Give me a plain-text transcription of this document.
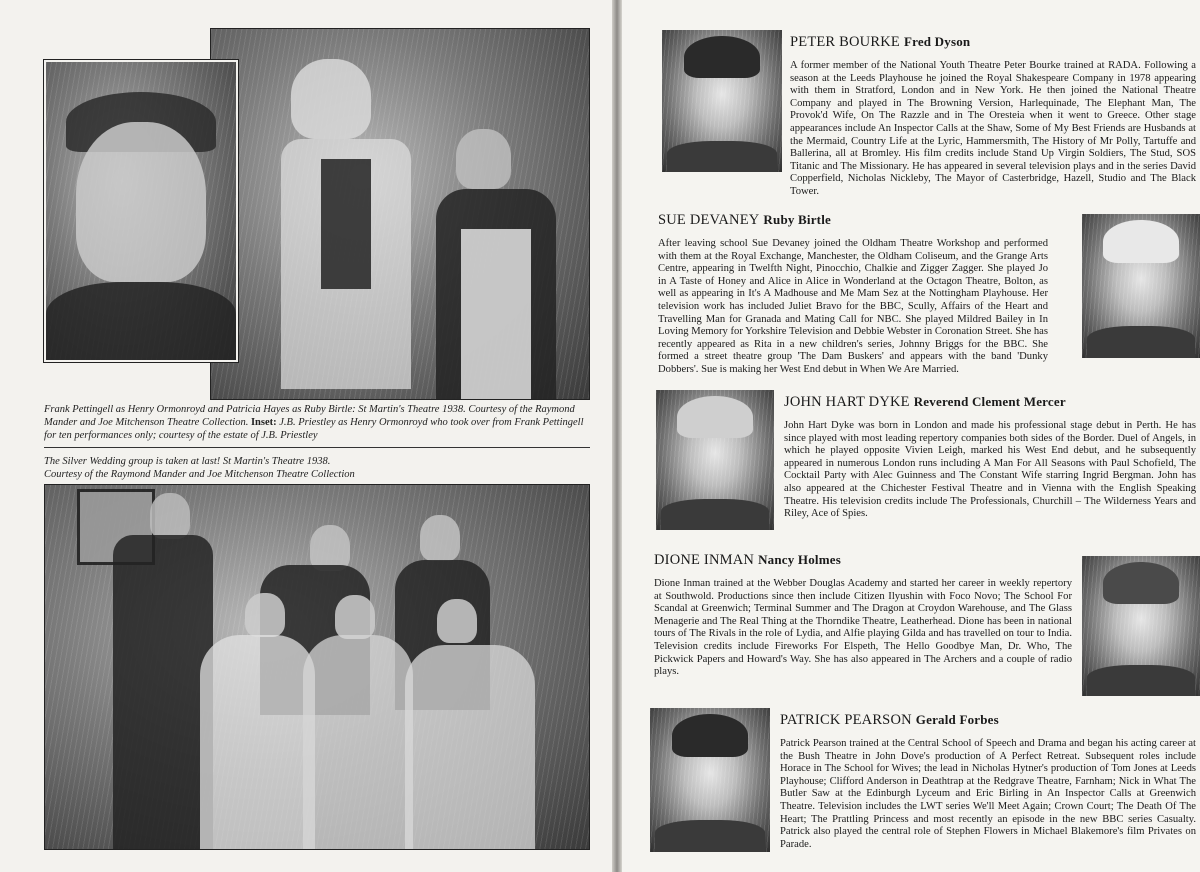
Frank Pettingell as Henry Ormonroyd and Patricia Hayes as Ruby Birtle: St Martin's Theatre 1938. Courtesy of the Raymond Mander and Joe Mitchenson Theatre Collection. Inset: J.B. Priestley as Henry Ormonroyd who took over from Frank Pettingell for ten performances only; courtesy of the estate of J.B. Priestley
The Silver Wedding group is taken at last! St Martin's Theatre 1938.
Courtesy of the Raymond Mander and Joe Mitchenson Theatre Collection
PETER BOURKE Fred Dyson
A former member of the National Youth Theatre Peter Bourke trained at RADA. Following a season at the Leeds Playhouse he joined the Royal Shakespeare Company in 1978 appearing with them in Stratford, London and in New York. He then joined the National Theatre Company and played in The Browning Version, Harlequinade, The Elephant Man, The Provok'd Wife, On The Razzle and in The Oresteia when it went to Greece. Other stage appearances include An Inspector Calls at the Shaw, Some of My Best Friends are Husbands at the Mermaid, Country Life at the Lyric, Hammersmith, The History of Mr Polly, Tartuffe and Ballerina, all at Bromley. His film credits include Stand Up Virgin Soldiers, The Stud, SOS Titanic and The Missionary. He has appeared in several television plays and in the series David Copperfield, Nicholas Nickleby, The Mayor of Casterbridge, Hazell, Studio and The Black Tower.
SUE DEVANEY Ruby Birtle
After leaving school Sue Devaney joined the Oldham Theatre Workshop and performed with them at the Royal Exchange, Manchester, the Oldham Coliseum, and the Grange Arts Centre, appearing in Twelfth Night, Pinocchio, Chalkie and Zigger Zagger. She played Jo in A Taste of Honey and Alice in Alice in Wonderland at the Octagon Theatre, Bolton, as well as appearing in It's A Madhouse and Me Mam Sez at the Nottingham Playhouse. Her television work has included Juliet Bravo for the BBC, Scully, Affairs of the Heart and Travelling Man for Granada and Mating Call for NBC. She played Mildred Bailey in In Loving Memory for Yorkshire Television and Debbie Webster in Coronation Street. She has recently appeared as Rita in a new children's series, Johnny Briggs for the BBC. She formed a street theatre group 'The Dam Buskers' and appears with the band 'Dunky Dobbers'. Sue is making her West End debut in When We Are Married.
JOHN HART DYKE Reverend Clement Mercer
John Hart Dyke was born in London and made his professional stage debut in Perth. He has since played with most leading repertory companies both sides of the Border. Duel of Angels, in which he played opposite Vivien Leigh, marked his West End debut, and he subsequently appeared in numerous London runs including A Man For All Seasons with Paul Schofield, The Cocktail Party with Alec Guinness and The Constant Wife starring Ingrid Bergman. John has also appeared at the Chichester Festival Theatre and in Vienna with the English Speaking Theatre. His television credits include The Professionals, Churchill – The Wilderness Years and Riley, Ace of Spies.
DIONE INMAN Nancy Holmes
Dione Inman trained at the Webber Douglas Academy and started her career in weekly repertory at Southwold. Productions since then include Citizen Ilyushin with Foco Novo; The School For Scandal at Greenwich; Terminal Summer and The Dragon at Croydon Warehouse, and The Glass Menagerie and The Real Thing at the Thorndike Theatre, Leatherhead. Dione has been in national tours of The Rivals in the role of Lydia, and Alfie playing Gilda and has travelled on tour to India. Television credits include Fireworks For Elspeth, The Hello Goodbye Man, Dr. Who, The Pickwick Papers and Howard's Way. She has also appeared in The Archers and a couple of radio plays.
PATRICK PEARSON Gerald Forbes
Patrick Pearson trained at the Central School of Speech and Drama and began his acting career at the Bush Theatre in John Dove's production of A Perfect Retreat. Subsequent roles include Horace in The School for Wives; the lead in Nicholas Hytner's production of Tom Jones at Leeds Playhouse; Clifford Anderson in Deathtrap at the Redgrave Theatre, Farnham; Nick in What The Butler Saw at the Edinburgh Lyceum and Eric Birling in An Inspector Calls at Greenwich Theatre. Television includes the LWT series We'll Meet Again; Crown Court; The Death Of The Heart; The Prattling Princess and most recently an episode in the new BBC series Casualty. Patrick also played the central role of Stephen Flowers in Michael Blakemore's film Privates on Parade.
